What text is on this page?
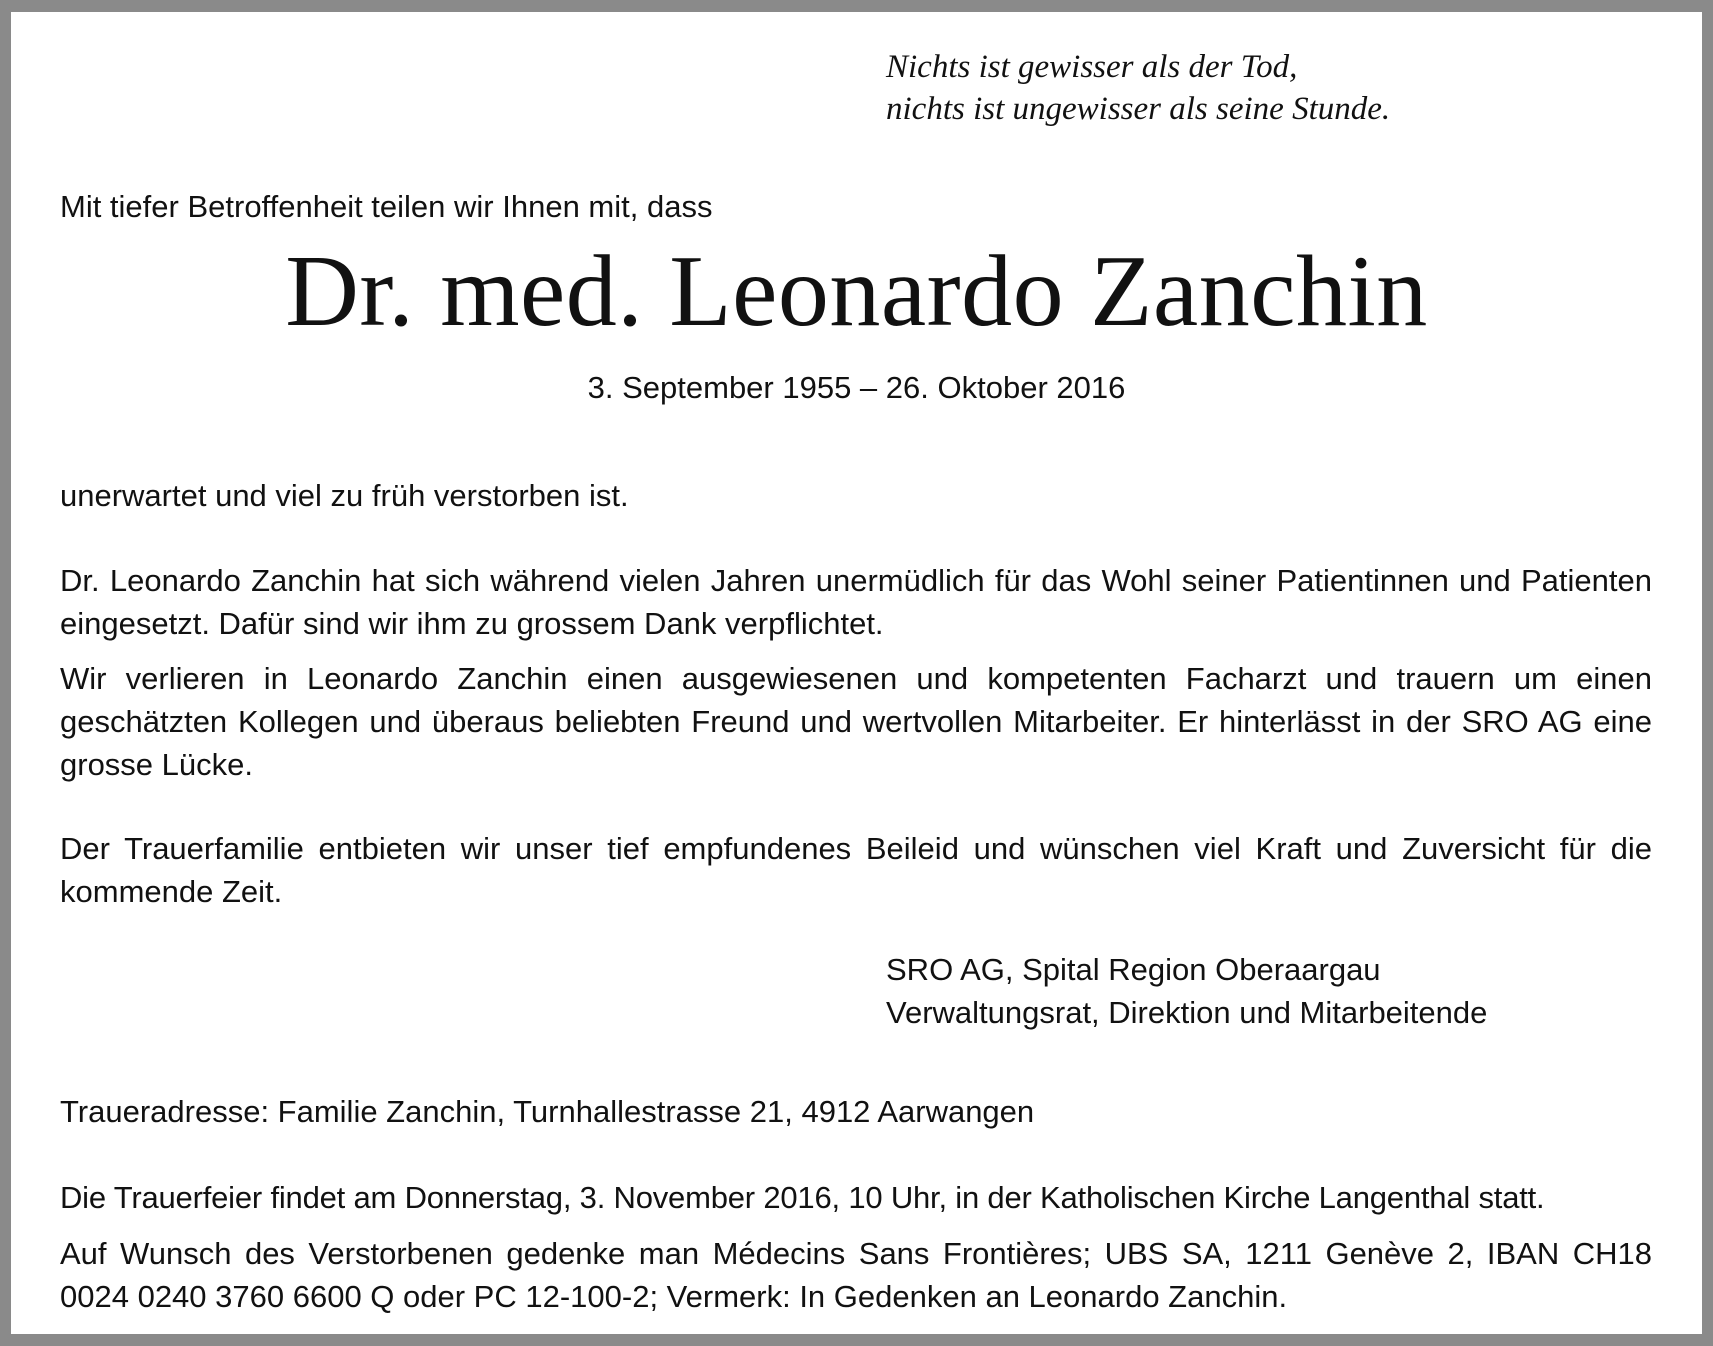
Nichts ist gewisser als der Tod,
nichts ist ungewisser als seine Stunde.
Mit tiefer Betroffenheit teilen wir Ihnen mit, dass
Dr. med. Leonardo Zanchin
3. September 1955 – 26. Oktober 2016
unerwartet und viel zu früh verstorben ist.
Dr. Leonardo Zanchin hat sich während vielen Jahren unermüdlich für das Wohl seiner Patientinnen und Patienten eingesetzt. Dafür sind wir ihm zu grossem Dank verpflichtet.
Wir verlieren in Leonardo Zanchin einen ausgewiesenen und kompetenten Facharzt und trauern um einen geschätzten Kollegen und überaus beliebten Freund und wertvollen Mitarbeiter. Er hinterlässt in der SRO AG eine grosse Lücke.
Der Trauerfamilie entbieten wir unser tief empfundenes Beileid und wünschen viel Kraft und Zuversicht für die kommende Zeit.
SRO AG, Spital Region Oberaargau
Verwaltungsrat, Direktion und Mitarbeitende
Traueradresse: Familie Zanchin, Turnhallestrasse 21, 4912 Aarwangen
Die Trauerfeier findet am Donnerstag, 3. November 2016, 10 Uhr, in der Katholischen Kirche Langenthal statt.
Auf Wunsch des Verstorbenen gedenke man Médecins Sans Frontières; UBS SA, 1211 Genève 2, IBAN CH18 0024 0240 3760 6600 Q oder PC 12-100-2; Vermerk: In Gedenken an Leonardo Zanchin.
